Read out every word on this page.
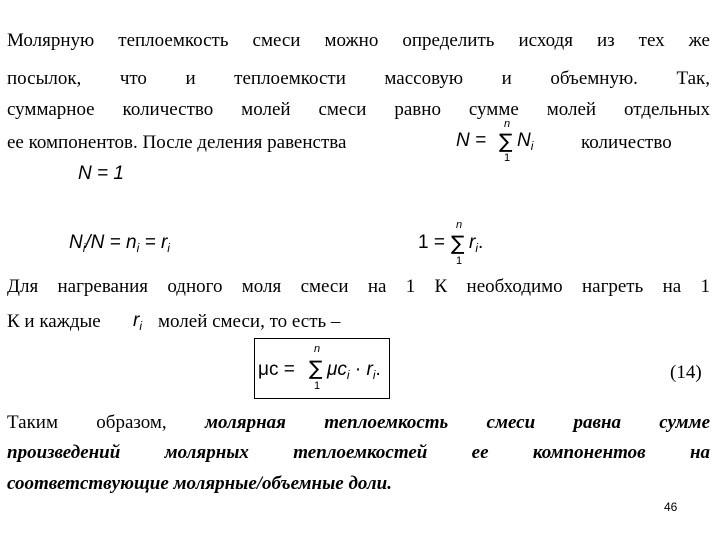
Молярную теплоемкость смеси можно определить исходя из тех же
посылок, что и теплоемкости массовую и объемную. Так,
суммарное количество молей смеси равно сумме молей отдельных
ее компонентов. После деления равенства	количество
N =
n
∑
1
$N_i$
N = 1
$N_i/N = n_i = r_i$	1 =
n
∑
1
$r_i$.
Для нагревания одного моля смеси на 1 К необходимо нагреть на 1
К и каждые $r_i$ молей смеси, то есть –
μc =
n
∑
1
$\mu c_i \cdot r_i$.	(14)
Таким образом, молярная теплоемкость смеси равна сумме
произведений молярных теплоемкостей ее компонентов на
соответствующие молярные/объемные доли.
46
